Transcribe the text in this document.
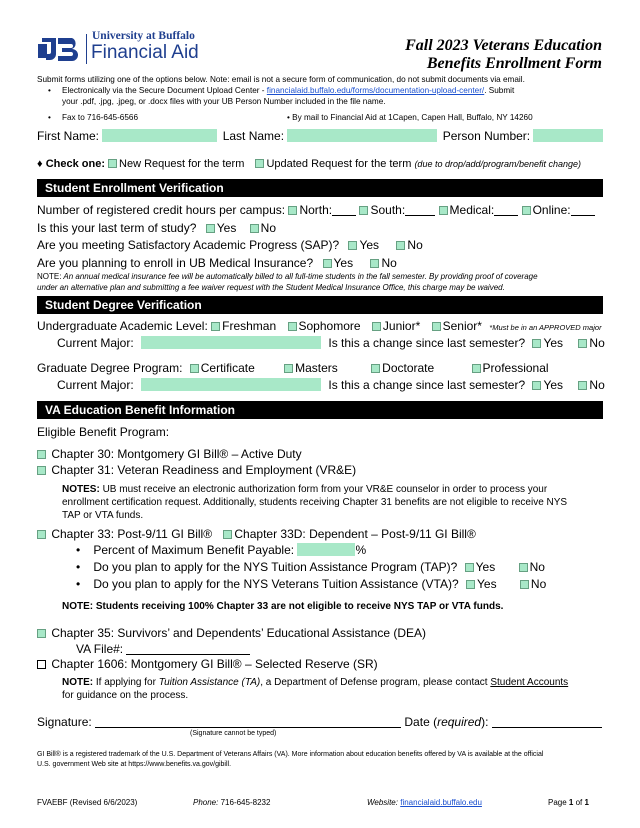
University at Buffalo
Financial Aid	Fall 2023 Veterans Education
Benefits Enrollment Form
Submit forms utilizing one of the options below. Note: email is not a secure form of communication, do not submit documents via email.
• Electronically via the Secure Document Upload Center - financialaid.buffalo.edu/forms/documentation-upload-center/. Submit
your .pdf, .jpg, .jpeg, or .docx files with your UB Person Number included in the file name.
• Fax to 716-645-6566	• By mail to Financial Aid at 1Capen, Capen Hall, Buffalo, NY 14260
First Name:	Last Name:	Person Number:
♦ Check one: New Request for the term Updated Request for the term (due to drop/add/program/benefit change)
Student Enrollment Verification
Number of registered credit hours per campus: North:	South:	Medical:	Online:
Is this your last term of study? Yes No
Are you meeting Satisfactory Academic Progress (SAP)? Yes No
Are you planning to enroll in UB Medical Insurance? Yes No
NOTE: An annual medical insurance fee will be automatically billed to all full-time students in the fall semester. By providing proof of coverage
under an alternative plan and submitting a fee waiver request with the Student Medical Insurance Office, this charge may be waived.
Student Degree Verification
Undergraduate Academic Level: Freshman Sophomore Junior* Senior* *Must be in an APPROVED major
Current Major:	Is this a change since last semester? Yes No
Graduate Degree Program: Certificate	Masters	Doctorate	Professional
Current Major:	Is this a change since last semester? Yes No
VA Education Benefit Information
Eligible Benefit Program:
Chapter 30: Montgomery GI Bill® – Active Duty
Chapter 31: Veteran Readiness and Employment (VR&E)
NOTES: UB must receive an electronic authorization form from your VR&E counselor in order to process your
enrollment certification request. Additionally, students receiving Chapter 31 benefits are not eligible to receive NYS
TAP or VTA funds.
Chapter 33: Post-9/11 GI Bill® Chapter 33D: Dependent – Post-9/11 GI Bill®
• Percent of Maximum Benefit Payable:	%
• Do you plan to apply for the NYS Tuition Assistance Program (TAP)? Yes	No
• Do you plan to apply for the NYS Veterans Tuition Assistance (VTA)? Yes	No
NOTE: Students receiving 100% Chapter 33 are not eligible to receive NYS TAP or VTA funds.
Chapter 35: Survivors’ and Dependents’ Educational Assistance (DEA)
VA File#:
Chapter 1606: Montgomery GI Bill® – Selected Reserve (SR)
NOTE: If applying for Tuition Assistance (TA), a Department of Defense program, please contact Student Accounts
for guidance on the process.
Signature:	Date (required):
(Signature cannot be typed)
GI Bill® is a registered trademark of the U.S. Department of Veterans Affairs (VA). More information about education benefits offered by VA is available at the official
U.S. government Web site at https://www.benefits.va.gov/gibill.
FVAEBF (Revised 6/6/2023)	Phone: 716-645-8232	Website: financialaid.buffalo.edu	Page 1 of 1
